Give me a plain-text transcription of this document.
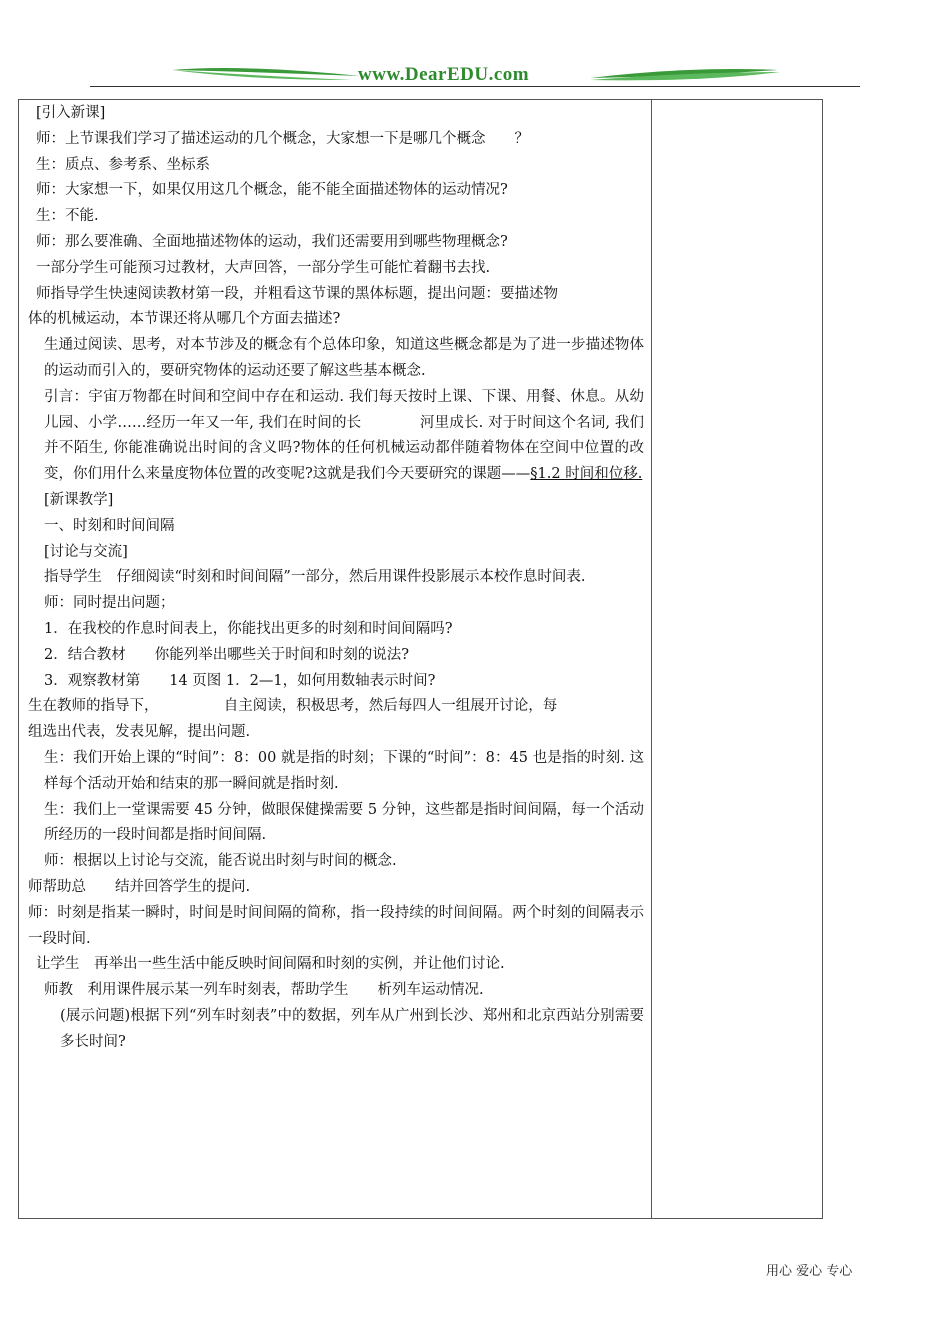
www.DearEDU.com
[引入新课]
师：上节课我们学习了描述运动的几个概念，大家想一下是哪几个概念　　？
生：质点、参考系、坐标系
师：大家想一下，如果仅用这几个概念，能不能全面描述物体的运动情况?
生：不能.
师：那么要准确、全面地描述物体的运动，我们还需要用到哪些物理概念?
一部分学生可能预习过教材，大声回答，一部分学生可能忙着翻书去找.
师指导学生快速阅读教材第一段，并粗看这节课的黑体标题，提出问题：要描述物
体的机械运动，本节课还将从哪几个方面去描述?
生通过阅读、思考，对本节涉及的概念有个总体印象，知道这些概念都是为了进一步描述物体的运动而引入的，要研究物体的运动还要了解这些基本概念.
引言：宇宙万物都在时间和空间中存在和运动. 我们每天按时上课、下课、用餐、休息。从幼儿园、小学……经历一年又一年, 我们在时间的长　　　　河里成长. 对于时间这个名词, 我们并不陌生, 你能准确说出时间的含义吗?物体的任何机械运动都伴随着物体在空间中位置的改变，你们用什么来量度物体位置的改变呢?这就是我们今天要研究的课题——§1.2 时间和位移.
[新课教学]
一、时刻和时间间隔
[讨论与交流]
指导学生　仔细阅读“时刻和时间间隔”一部分，然后用课件投影展示本校作息时间表.
师：同时提出问题；
1．在我校的作息时间表上，你能找出更多的时刻和时间间隔吗?
2．结合教材　　你能列举出哪些关于时间和时刻的说法?
3．观察教材第　　14 页图 1．2—1，如何用数轴表示时间?
生在教师的指导下，　　　　　自主阅读，积极思考，然后每四人一组展开讨论，每
组选出代表，发表见解，提出问题.
生：我们开始上课的“时间”：8：00 就是指的时刻；下课的“时间”：8：45 也是指的时刻. 这样每个活动开始和结束的那一瞬间就是指时刻.
生：我们上一堂课需要 45 分钟，做眼保健操需要 5 分钟，这些都是指时间间隔，每一个活动所经历的一段时间都是指时间间隔.
师：根据以上讨论与交流，能否说出时刻与时间的概念.
师帮助总　　结并回答学生的提问.
师：时刻是指某一瞬时，时间是时间间隔的简称，指一段持续的时间间隔。两个时刻的间隔表示一段时间.
让学生　再举出一些生活中能反映时间间隔和时刻的实例，并让他们讨论.
师教　利用课件展示某一列车时刻表，帮助学生　　析列车运动情况.
(展示问题)根据下列“列车时刻表”中的数据，列车从广州到长沙、郑州和北京西站分别需要多长时间?
用心 爱心 专心
